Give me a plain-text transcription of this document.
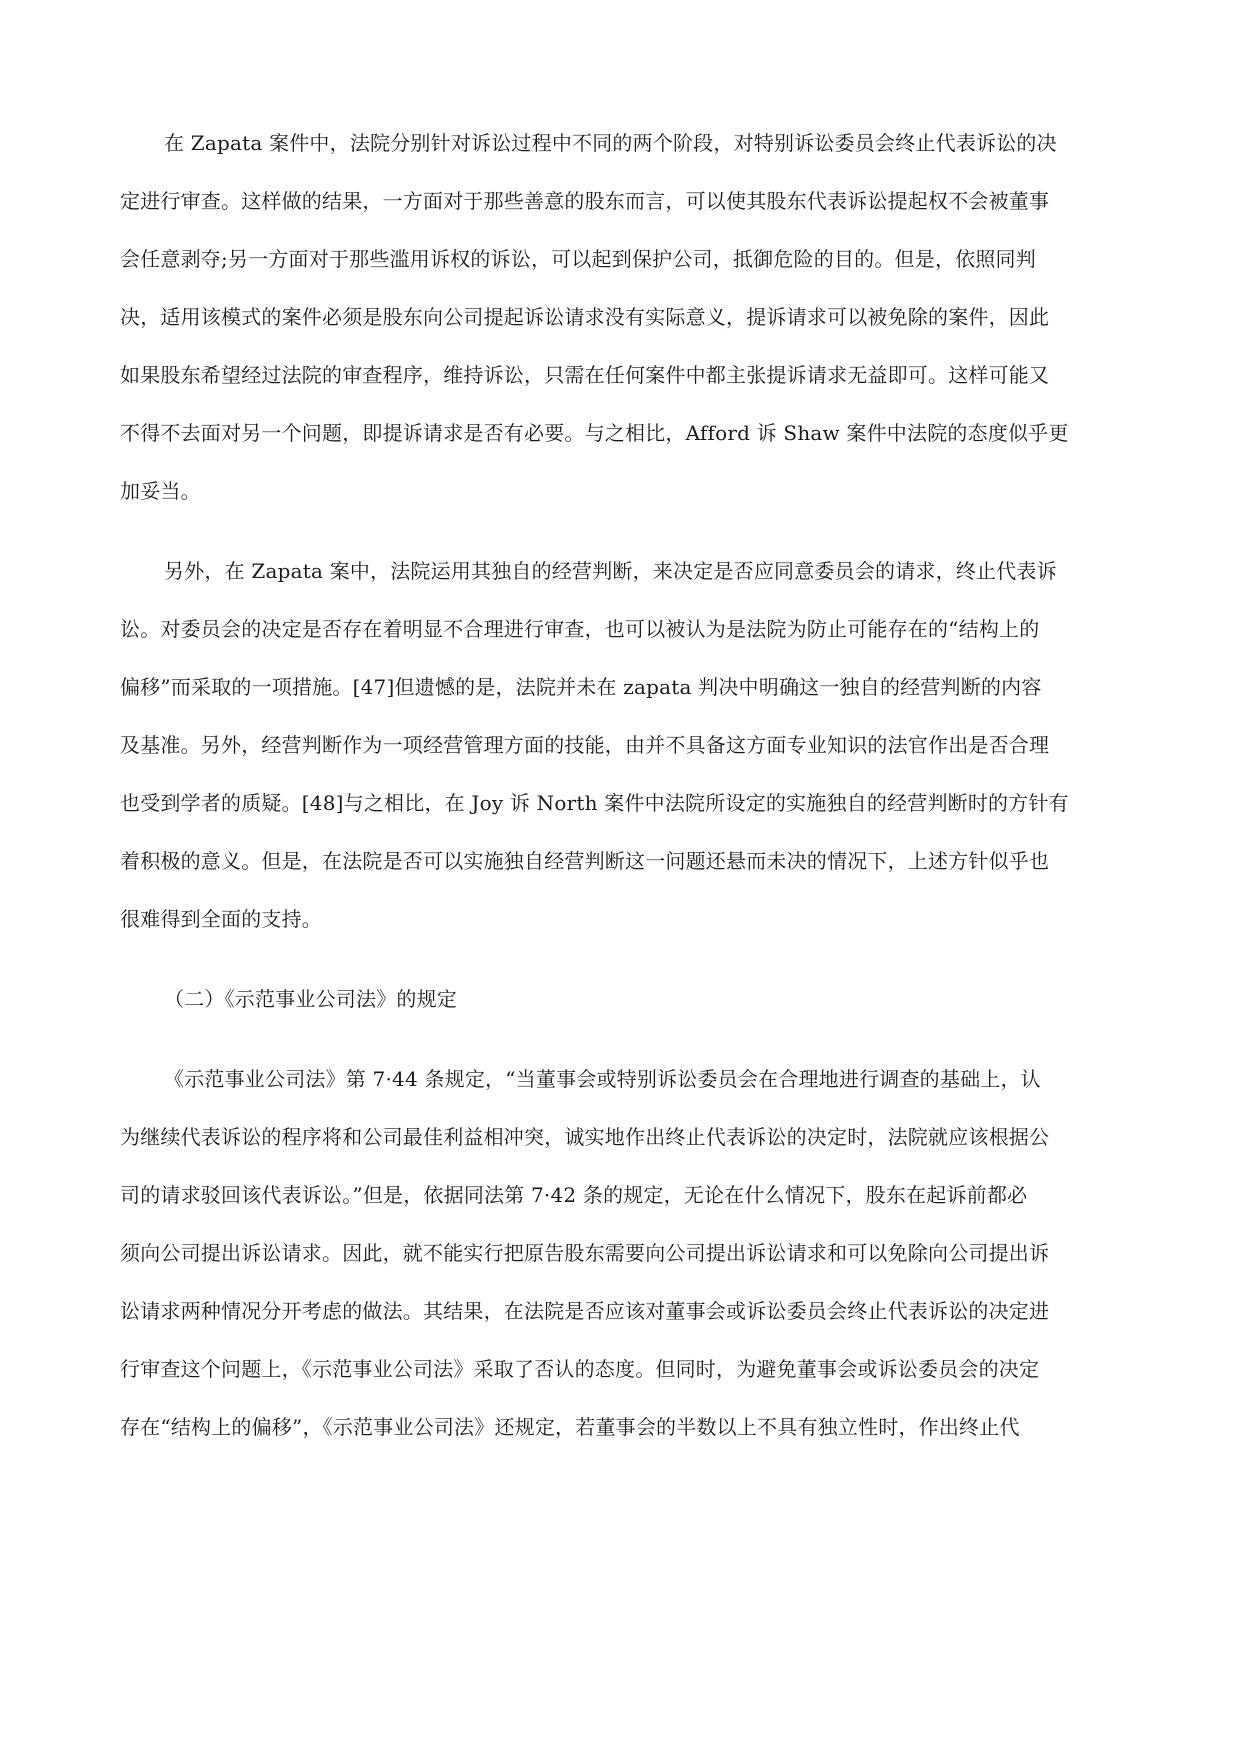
在 Zapata 案件中，法院分别针对诉讼过程中不同的两个阶段，对特别诉讼委员会终止代表诉讼的决
定进行审查。这样做的结果，一方面对于那些善意的股东而言，可以使其股东代表诉讼提起权不会被董事
会任意剥夺;另一方面对于那些滥用诉权的诉讼，可以起到保护公司，抵御危险的目的。但是，依照同判
决，适用该模式的案件必须是股东向公司提起诉讼请求没有实际意义，提诉请求可以被免除的案件，因此
如果股东希望经过法院的审查程序，维持诉讼，只需在任何案件中都主张提诉请求无益即可。这样可能又
不得不去面对另一个问题，即提诉请求是否有必要。与之相比，Afford 诉 Shaw 案件中法院的态度似乎更
加妥当。
另外，在 Zapata 案中，法院运用其独自的经营判断，来决定是否应同意委员会的请求，终止代表诉
讼。对委员会的决定是否存在着明显不合理进行审查，也可以被认为是法院为防止可能存在的“结构上的
偏移”而采取的一项措施。[47]但遗憾的是，法院并未在 zapata 判决中明确这一独自的经营判断的内容
及基准。另外，经营判断作为一项经营管理方面的技能，由并不具备这方面专业知识的法官作出是否合理
也受到学者的质疑。[48]与之相比，在 Joy 诉 North 案件中法院所设定的实施独自的经营判断时的方针有
着积极的意义。但是，在法院是否可以实施独自经营判断这一问题还悬而未决的情况下，上述方针似乎也
很难得到全面的支持。
（二）《示范事业公司法》的规定
《示范事业公司法》第 7·44 条规定，“当董事会或特别诉讼委员会在合理地进行调查的基础上，认
为继续代表诉讼的程序将和公司最佳利益相冲突，诚实地作出终止代表诉讼的决定时，法院就应该根据公
司的请求驳回该代表诉讼。”但是，依据同法第 7·42 条的规定，无论在什么情况下，股东在起诉前都必
须向公司提出诉讼请求。因此，就不能实行把原告股东需要向公司提出诉讼请求和可以免除向公司提出诉
讼请求两种情况分开考虑的做法。其结果，在法院是否应该对董事会或诉讼委员会终止代表诉讼的决定进
行审查这个问题上，《示范事业公司法》采取了否认的态度。但同时，为避免董事会或诉讼委员会的决定
存在“结构上的偏移”，《示范事业公司法》还规定，若董事会的半数以上不具有独立性时，作出终止代
